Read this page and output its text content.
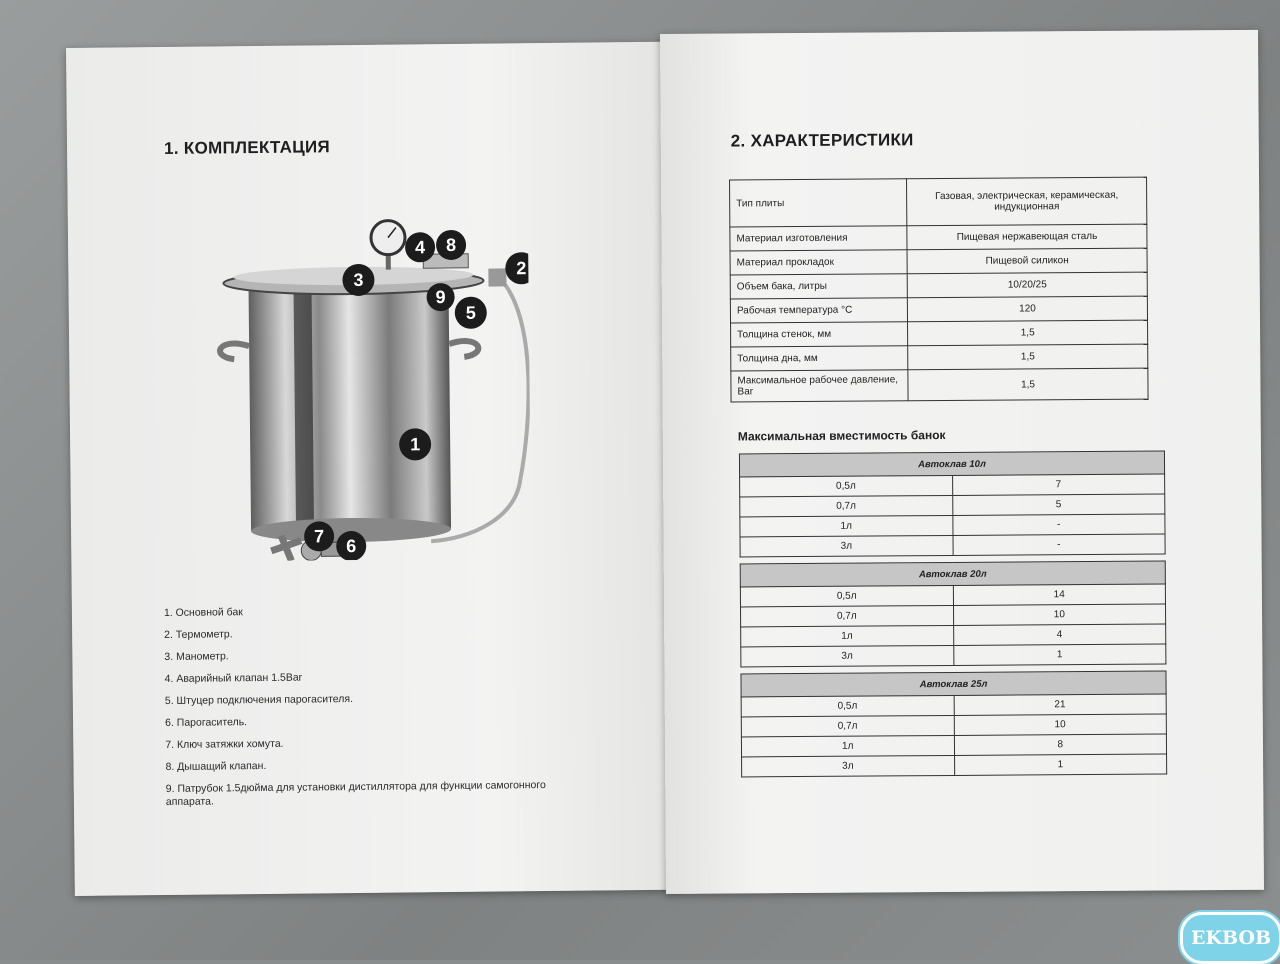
1. КОМПЛЕКТАЦИЯ
1
2
3
4
5
6
7
8
9
1. Основной бак
2. Термометр.
3. Манометр.
4. Аварийный клапан 1.5Bar
5. Штуцер подключения парогасителя.
6. Парогаситель.
7. Ключ затяжки хомута.
8. Дышащий клапан.
9. Патрубок 1.5дюйма для установки дистиллятора для функции самогонного аппарата.
2. ХАРАКТЕРИСТИКИ
Тип плиты	Газовая, электрическая, керамическая, индукционная
Материал изготовления	Пищевая нержавеющая сталь
Материал прокладок	Пищевой силикон
Объем бака, литры	10/20/25
Рабочая температура °С	120
Толщина стенок, мм	1,5
Толщина дна, мм	1,5
Максимальное рабочее давление, Bar	1,5
Максимальная вместимость банок
Автоклав 10л	
0,5л	7
0,7л	5
1л	-
3л	-
Автоклав 20л	
0,5л	14
0,7л	10
1л	4
3л	1
Автоклав 25л	
0,5л	21
0,7л	10
1л	8
3л	1
EKBOB
